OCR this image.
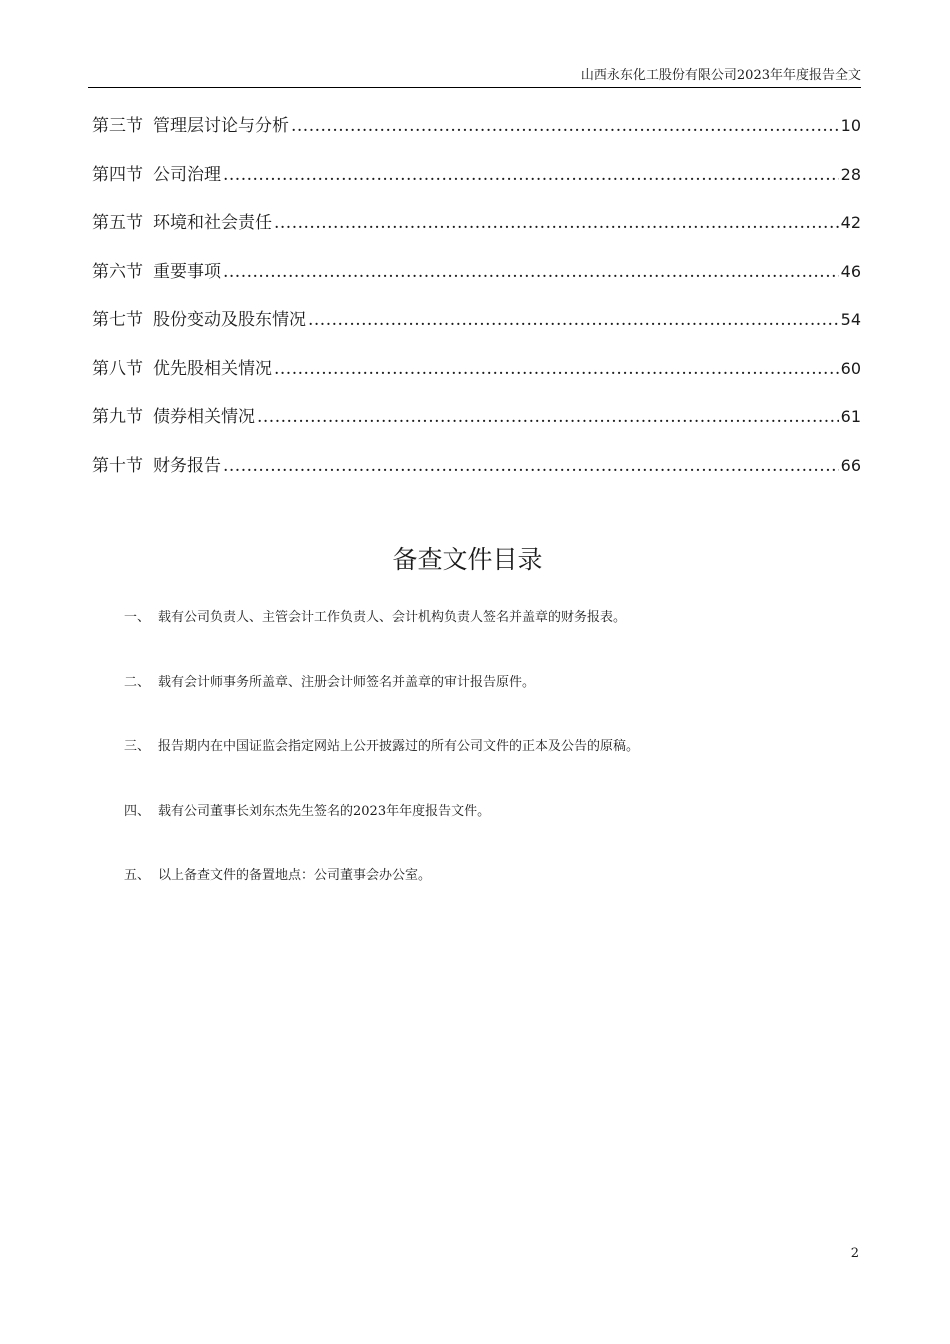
山西永东化工股份有限公司2023年年度报告全文
第三节 管理层讨论与分析 .....	10
第四节 公司治理 .....	28
第五节 环境和社会责任 .....	42
第六节 重要事项 .....	46
第七节 股份变动及股东情况 .....	54
第八节 优先股相关情况 .....	60
第九节 债券相关情况 .....	61
第十节 财务报告 .....	66
备查文件目录
一、 载有公司负责人、主管会计工作负责人、会计机构负责人签名并盖章的财务报表。
二、 载有会计师事务所盖章、注册会计师签名并盖章的审计报告原件。
三、 报告期内在中国证监会指定网站上公开披露过的所有公司文件的正本及公告的原稿。
四、 载有公司董事长刘东杰先生签名的2023年年度报告文件。
五、 以上备查文件的备置地点：公司董事会办公室。
2
